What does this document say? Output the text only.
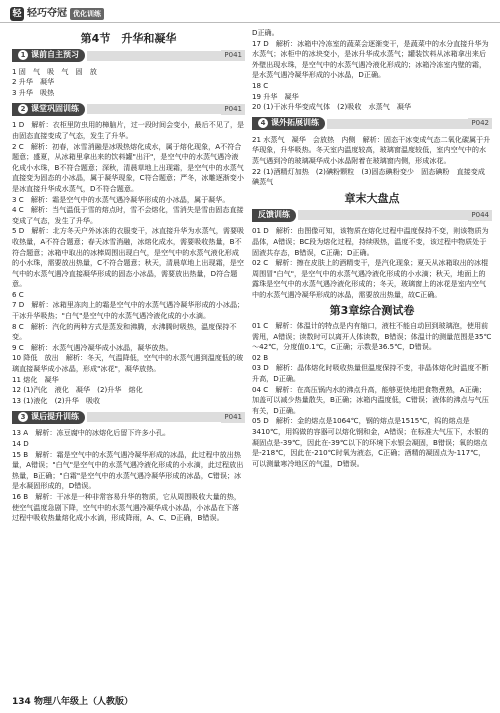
轻 轻巧夺冠 优化训练
第4节　升华和凝华
1 课前自主预习	P041
1 固　气　吸　气　固　放
2 升华　凝华
3 升华　吸热
2 课堂巩固训练	P041
1 D　解析：衣柜里防虫用的樟脑片，过一段时间会变小，最后不见了，是由固态直接变成了气态，发生了升华。
2 C　解析：初春，冰雪消融是冰吸热熔化成水，属于熔化现象，A不符合题意；盛夏，从冰箱里拿出来的饮料罐"出汗"，是空气中的水蒸气遇冷液化成小水珠，B不符合题意；深秋，清晨草地上出现霜，是空气中的水蒸气直接变为固态的小冰晶，属于凝华现象，C符合题意；严冬，冰雕逐渐变小是冰直接升华成水蒸气，D不符合题意。
3 C　解析：霜是空气中的水蒸气遇冷凝华形成的小冰晶，属于凝华。
4 C　解析：当气温低于雪的熔点时，雪不会熔化，雪消失是雪由固态直接变成了气态，发生了升华。
5 D　解析：北方冬天户外冰冻的衣服变干，冰直接升华为水蒸气，需要吸收热量，A不符合题意；春天冰雪消融，冰熔化成水，需要吸收热量，B不符合题意；冰箱中取出的冰棒周围出现白气，是空气中的水蒸气液化形成的小水珠，需要放出热量，C不符合题意；秋天，清晨草地上出现霜，是空气中的水蒸气遇冷直接凝华形成的固态小冰晶，需要放出热量，D符合题意。
6 C
7 D　解析：冰箱里冻肉上的霜是空气中的水蒸气遇冷凝华形成的小冰晶；干冰升华吸热；"白气"是空气中的水蒸气遇冷液化成的小水滴。
8 C　解析：汽化的两种方式是蒸发和沸腾，水沸腾时吸热，温度保持不变。
9 C　解析：水蒸气遇冷凝华成小冰晶，凝华放热。
10 降低　放出　解析：冬天，气温降低，空气中的水蒸气遇到温度低的玻璃直接凝华成小冰晶，形成"冰花"，凝华放热。
11 熔化　凝华
12 (1)汽化　液化　凝华　(2)升华　熔化
13 (1)液化　(2)升华　吸收
3 课后提升训练	P041
13 A　解析：冻豆腐中的冰熔化后留下许多小孔。
14 D
15 B　解析：霜是空气中的水蒸气遇冷凝华形成的冰晶，此过程中放出热量，A错误；"白气"是空气中的水蒸气遇冷液化形成的小水滴，此过程放出热量，B正确；"白霜"是空气中的水蒸气遇冷凝华形成的冰晶，C错误；冰是水凝固形成的，D错误。
16 B　解析：干冰是一种非常容易升华的物质，它从周围吸收大量的热，使空气温度急剧下降，空气中的水蒸气遇冷凝华成小冰晶，小冰晶在下落过程中吸收热量熔化成小水滴，形成降雨，A、C、D正确，B错误。
D正确。
17 D　解析：冰箱中冷冻室的蔬菜会逐渐变干，是蔬菜中的水分直接升华为水蒸气；冰柜中的冰块变小，是冰升华成水蒸气；罐装饮料从冰箱拿出来后外壁出现水珠，是空气中的水蒸气遇冷液化形成的；冰箱冷冻室内壁的霜，是水蒸气遇冷凝华形成的小冰晶，D正确。
18 C
19 升华　凝华
20 (1)干冰升华变成气体　(2)吸收　水蒸气　凝华
4 课外拓展训练	P042
21 水蒸气　凝华　会放热　内侧　解析：固态干冰变成气态二氧化碳属于升华现象，升华吸热。冬天室内温度较高，玻璃窗温度较低，室内空气中的水蒸气遇到冷的玻璃凝华成小冰晶附着在玻璃窗内侧，形成冰花。
22 (1)酒精灯加热　(2)碘粉颗粒　(3)固态碘粉变少　固态碘粉　直接变成碘蒸气
章末大盘点
反馈训练	P044
01 D　解析：由图像可知，该物质在熔化过程中温度保持不变，则该物质为晶体，A错误；BC段为熔化过程，持续吸热，温度不变，该过程中物质处于固液共存态，B错误，C正确；D正确。
02 C　解析：擦在皮肤上的酒精变干，是汽化现象；夏天从冰箱取出的冰棍周围冒"白气"，是空气中的水蒸气遇冷液化形成的小水滴；秋天，地面上的露珠是空气中的水蒸气遇冷液化形成的；冬天，玻璃窗上的冰花是室内空气中的水蒸气遇冷凝华形成的冰晶，需要放出热量，故C正确。
第3章综合测试卷
01 C　解析：体温计的特点是内有缩口，液柱不能自动回到玻璃泡，使用前需甩，A错误；读数时可以离开人体读数，B错误；体温计的测量范围是35℃～42℃，分度值0.1℃，C正确；示数是36.5℃，D错误。
02 B
03 D　解析：晶体熔化时吸收热量但温度保持不变，非晶体熔化时温度不断升高，D正确。
04 C　解析：在高压锅内水的沸点升高，能够更快地把食物煮熟，A正确；加盖可以减少热量散失，B正确；冰箱内温度低，C错误；液体的沸点与气压有关，D正确。
05 D　解析：金的熔点是1064℃，钢的熔点是1515℃，钨的熔点是3410℃，用钨做的容器可以熔化钢和金，A错误；在标准大气压下，水银的凝固点是-39℃，因此在-39℃以下的环境下水银会凝固，B错误；氧的熔点是-218℃，因此在-210℃时氧为液态，C正确；酒精的凝固点为-117℃，可以测量寒冷地区的气温，D错误。
134 物理八年级上（人教版）
